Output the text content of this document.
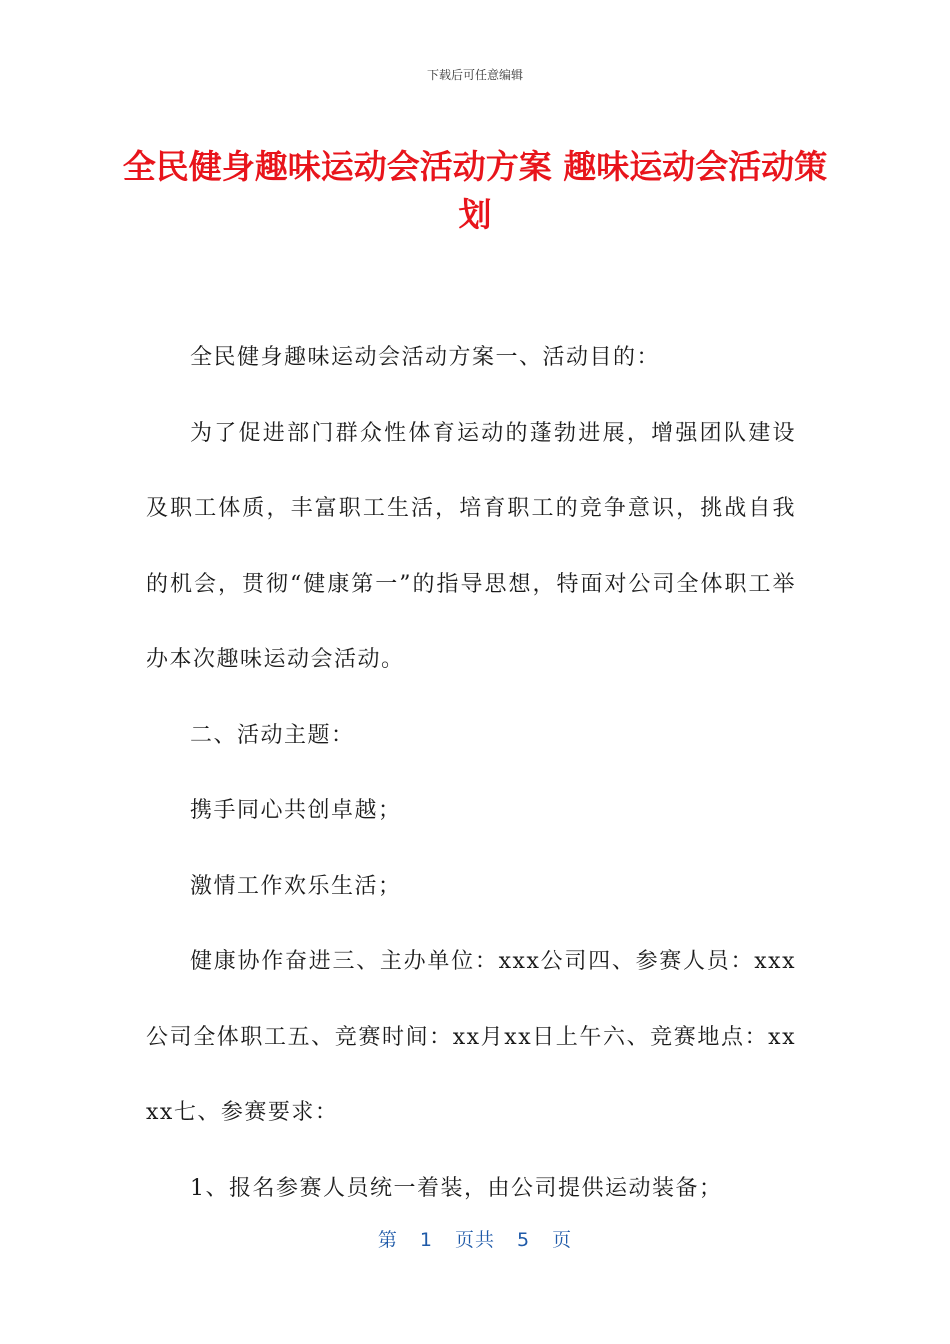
下载后可任意编辑
全民健身趣味运动会活动方案 趣味运动会活动策划

全民健身趣味运动会活动方案一、活动目的：

为了促进部门群众性体育运动的蓬勃进展，增强团队建设及职工体质，丰富职工生活，培育职工的竞争意识，挑战自我的机会，贯彻“健康第一”的指导思想，特面对公司全体职工举办本次趣味运动会活动。

二、活动主题：

携手同心共创卓越；

激情工作欢乐生活；

健康协作奋进三、主办单位：xxx公司四、参赛人员：xxx公司全体职工五、竞赛时间：xx月xx日上午六、竞赛地点：xxxx七、参赛要求：

1、报名参赛人员统一着装，由公司提供运动装备；

第 1 页共 5 页
